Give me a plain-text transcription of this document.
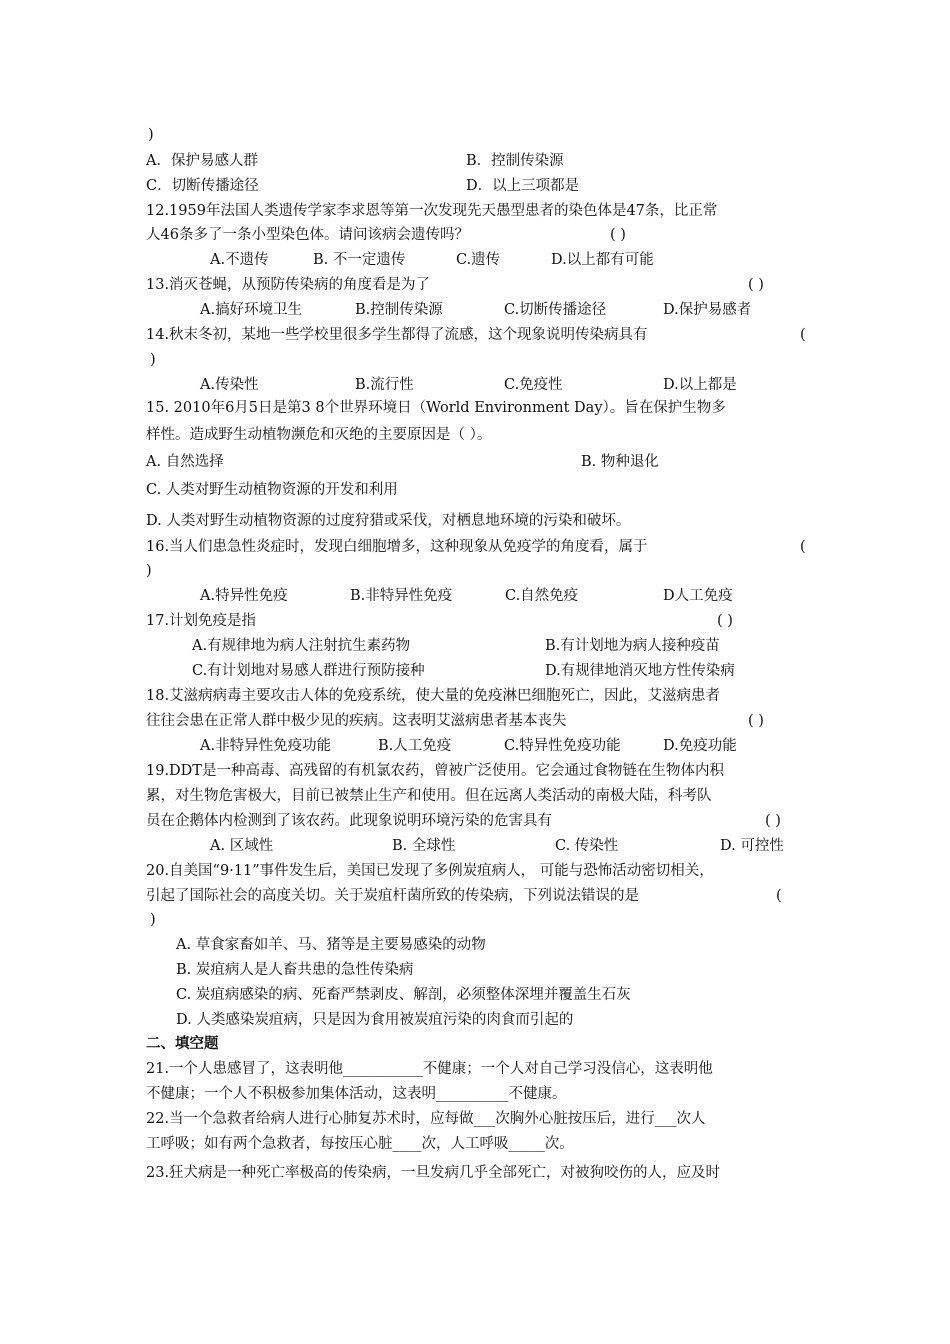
)
A．保护易感人群	B．控制传染源
C．切断传播途径	D．以上三项都是
12.1959年法国人类遗传学家李求恩等第一次发现先天愚型患者的染色体是47条，比正常
人46条多了一条小型染色体。请问该病会遗传吗？	( )
A.不遗传	B. 不一定遗传	C.遗传	D.以上都有可能
13.消灭苍蝇，从预防传染病的角度看是为了	( )
A.搞好环境卫生	B.控制传染源	C.切断传播途径	D.保护易感者
14.秋末冬初，某地一些学校里很多学生都得了流感，这个现象说明传染病具有	(
)
A.传染性	B.流行性	C.免疫性	D.以上都是
15. 2010年6月5日是第3 8个世界环境日（World Environment Day）。旨在保护生物多
样性。造成野生动植物濒危和灭绝的主要原因是（ ）。
A. 自然选择	B. 物种退化
C. 人类对野生动植物资源的开发和利用
D. 人类对野生动植物资源的过度狩猎或采伐，对栖息地环境的污染和破坏。
16.当人们患急性炎症时，发现白细胞增多，这种现象从免疫学的角度看，属于	(
)
A.特异性免疫	B.非特异性免疫	C.自然免疫	D人工免疫
17.计划免疫是指	( )
A.有规律地为病人注射抗生素药物	B.有计划地为病人接种疫苗
C.有计划地对易感人群进行预防接种	D.有规律地消灭地方性传染病
18.艾滋病病毒主要攻击人体的免疫系统，使大量的免疫淋巴细胞死亡，因此，艾滋病患者
往往会患在正常人群中极少见的疾病。这表明艾滋病患者基本丧失	( )
A.非特异性免疫功能	B.人工免疫	C.特异性免疫功能	D.免疫功能
19.DDT是一种高毒、高残留的有机氯农药，曾被广泛使用。它会通过食物链在生物体内积
累，对生物危害极大，目前已被禁止生产和使用。但在远离人类活动的南极大陆，科考队
员在企鹅体内检测到了该农药。此现象说明环境污染的危害具有	( )
A. 区域性	B. 全球性	C. 传染性	D. 可控性
20.自美国“9·11”事件发生后，美国已发现了多例炭疽病人， 可能与恐怖活动密切相关，
引起了国际社会的高度关切。关于炭疽杆菌所致的传染病，下列说法错误的是	(
)
A. 草食家畜如羊、马、猪等是主要易感染的动物
B. 炭疽病人是人畜共患的急性传染病
C. 炭疽病感染的病、死畜严禁剥皮、解剖，必须整体深埋并覆盖生石灰
D. 人类感染炭疽病，只是因为食用被炭疽污染的肉食而引起的
二、填空题
21.一个人患感冒了，这表明他___________不健康；一个人对自己学习没信心，这表明他
不健康；一个人不积极参加集体活动，这表明__________不健康。
22.当一个急救者给病人进行心肺复苏术时，应每做___次胸外心脏按压后，进行___次人
工呼吸；如有两个急救者，每按压心脏____次，人工呼吸_____次。
23.狂犬病是一种死亡率极高的传染病，一旦发病几乎全部死亡，对被狗咬伤的人，应及时
